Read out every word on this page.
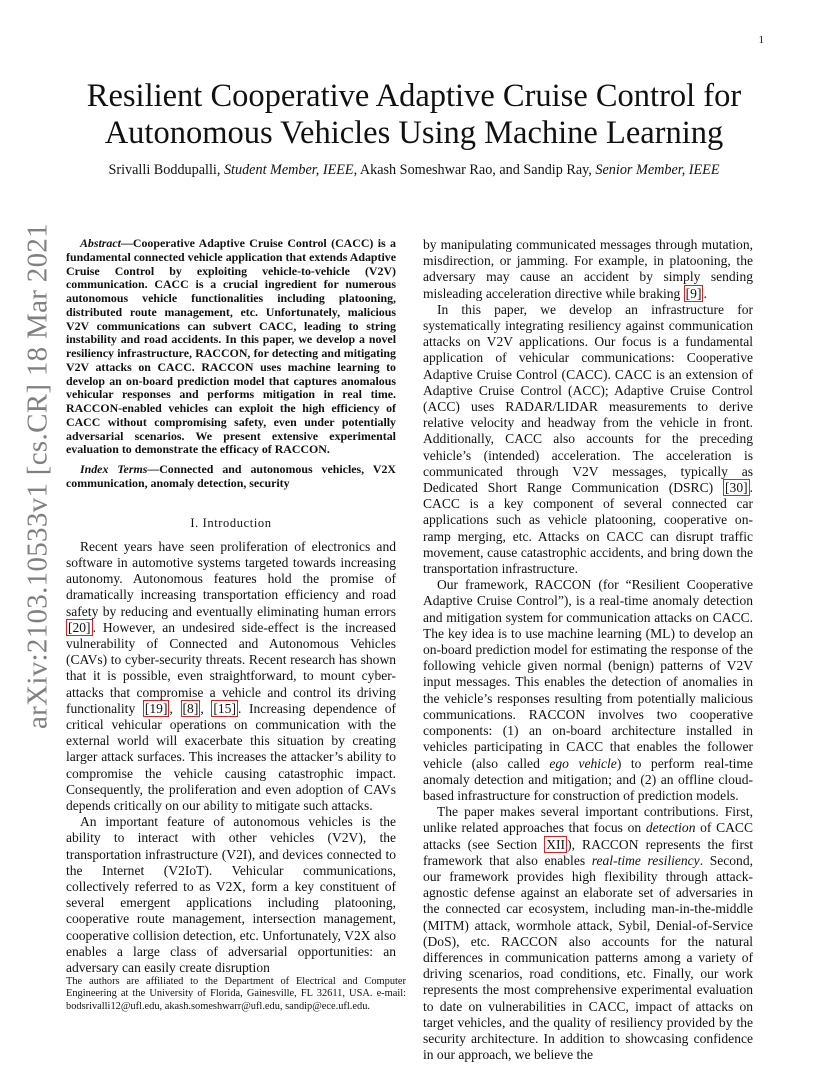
1
arXiv:2103.10533v1 [cs.CR] 18 Mar 2021
Resilient Cooperative Adaptive Cruise Control for
Autonomous Vehicles Using Machine Learning
Srivalli Boddupalli, Student Member, IEEE, Akash Someshwar Rao, and Sandip Ray, Senior Member, IEEE

Abstract—Cooperative Adaptive Cruise Control (CACC) is a fundamental connected vehicle application that extends Adaptive Cruise Control by exploiting vehicle-to-vehicle (V2V) communication. CACC is a crucial ingredient for numerous autonomous vehicle functionalities including platooning, distributed route management, etc. Unfortunately, malicious V2V communications can subvert CACC, leading to string instability and road accidents. In this paper, we develop a novel resiliency infrastructure, RACCON, for detecting and mitigating V2V attacks on CACC. RACCON uses machine learning to develop an on-board prediction model that captures anomalous vehicular responses and performs mitigation in real time. RACCON-enabled vehicles can exploit the high efficiency of CACC without compromising safety, even under potentially adversarial scenarios. We present extensive experimental evaluation to demonstrate the efficacy of RACCON.

Index Terms—Connected and autonomous vehicles, V2X communication, anomaly detection, security

I. Introduction

Recent years have seen proliferation of electronics and software in automotive systems targeted towards increasing autonomy. Autonomous features hold the promise of dramatically increasing transportation efficiency and road safety by reducing and eventually eliminating human errors [20] . However, an undesired side-effect is the increased vulnerability of Connected and Autonomous Vehicles (CAVs) to cyber-security threats. Recent research has shown that it is possible, even straightforward, to mount cyber-attacks that compromise a vehicle and control its driving functionality [19] , [8] , [15] . Increasing dependence of critical vehicular operations on communication with the external world will exacerbate this situation by creating larger attack surfaces. This increases the attacker’s ability to compromise the vehicle causing catastrophic impact. Consequently, the proliferation and even adoption of CAVs depends critically on our ability to mitigate such attacks.

An important feature of autonomous vehicles is the ability to interact with other vehicles (V2V), the transportation infrastructure (V2I), and devices connected to the Internet (V2IoT). Vehicular communications, collectively referred to as V2X, form a key constituent of several emergent applications including platooning, cooperative route management, intersection management, cooperative collision detection, etc. Unfortunately, V2X also enables a large class of adversarial opportunities: an adversary can easily create disruption

by manipulating communicated messages through mutation, misdirection, or jamming. For example, in platooning, the adversary may cause an accident by simply sending misleading acceleration directive while braking [9] .

In this paper, we develop an infrastructure for systematically integrating resiliency against communication attacks on V2V applications. Our focus is a fundamental application of vehicular communications: Cooperative Adaptive Cruise Control (CACC). CACC is an extension of Adaptive Cruise Control (ACC); Adaptive Cruise Control (ACC) uses RADAR/LIDAR measurements to derive relative velocity and headway from the vehicle in front. Additionally, CACC also accounts for the preceding vehicle’s (intended) acceleration. The acceleration is communicated through V2V messages, typically as Dedicated Short Range Communication (DSRC) [30] . CACC is a key component of several connected car applications such as vehicle platooning, cooperative on-ramp merging, etc. Attacks on CACC can disrupt traffic movement, cause catastrophic accidents, and bring down the transportation infrastructure.

Our framework, RACCON (for “Resilient Cooperative Adaptive Cruise Control”), is a real-time anomaly detection and mitigation system for communication attacks on CACC. The key idea is to use machine learning (ML) to develop an on-board prediction model for estimating the response of the following vehicle given normal (benign) patterns of V2V input messages. This enables the detection of anomalies in the vehicle’s responses resulting from potentially malicious communications. RACCON involves two cooperative components: (1) an on-board architecture installed in vehicles participating in CACC that enables the follower vehicle (also called ego vehicle) to perform real-time anomaly detection and mitigation; and (2) an offline cloud-based infrastructure for construction of prediction models.

The paper makes several important contributions. First, unlike related approaches that focus on detection of CACC attacks (see Section XII ), RACCON represents the first framework that also enables real-time resiliency. Second, our framework provides high flexibility through attack-agnostic defense against an elaborate set of adversaries in the connected car ecosystem, including man-in-the-middle (MITM) attack, wormhole attack, Sybil, Denial-of-Service (DoS), etc. RACCON also accounts for the natural differences in communication patterns among a variety of driving scenarios, road conditions, etc. Finally, our work represents the most comprehensive experimental evaluation to date on vulnerabilities in CACC, impact of attacks on target vehicles, and the quality of resiliency provided by the security architecture. In addition to showcasing confidence in our approach, we believe the

The authors are affiliated to the Department of Electrical and Computer Engineering at the University of Florida, Gainesville, FL 32611, USA. e-mail: bodsrivalli12@ufl.edu, akash.someshwarr@ufl.edu, sandip@ece.ufl.edu.
